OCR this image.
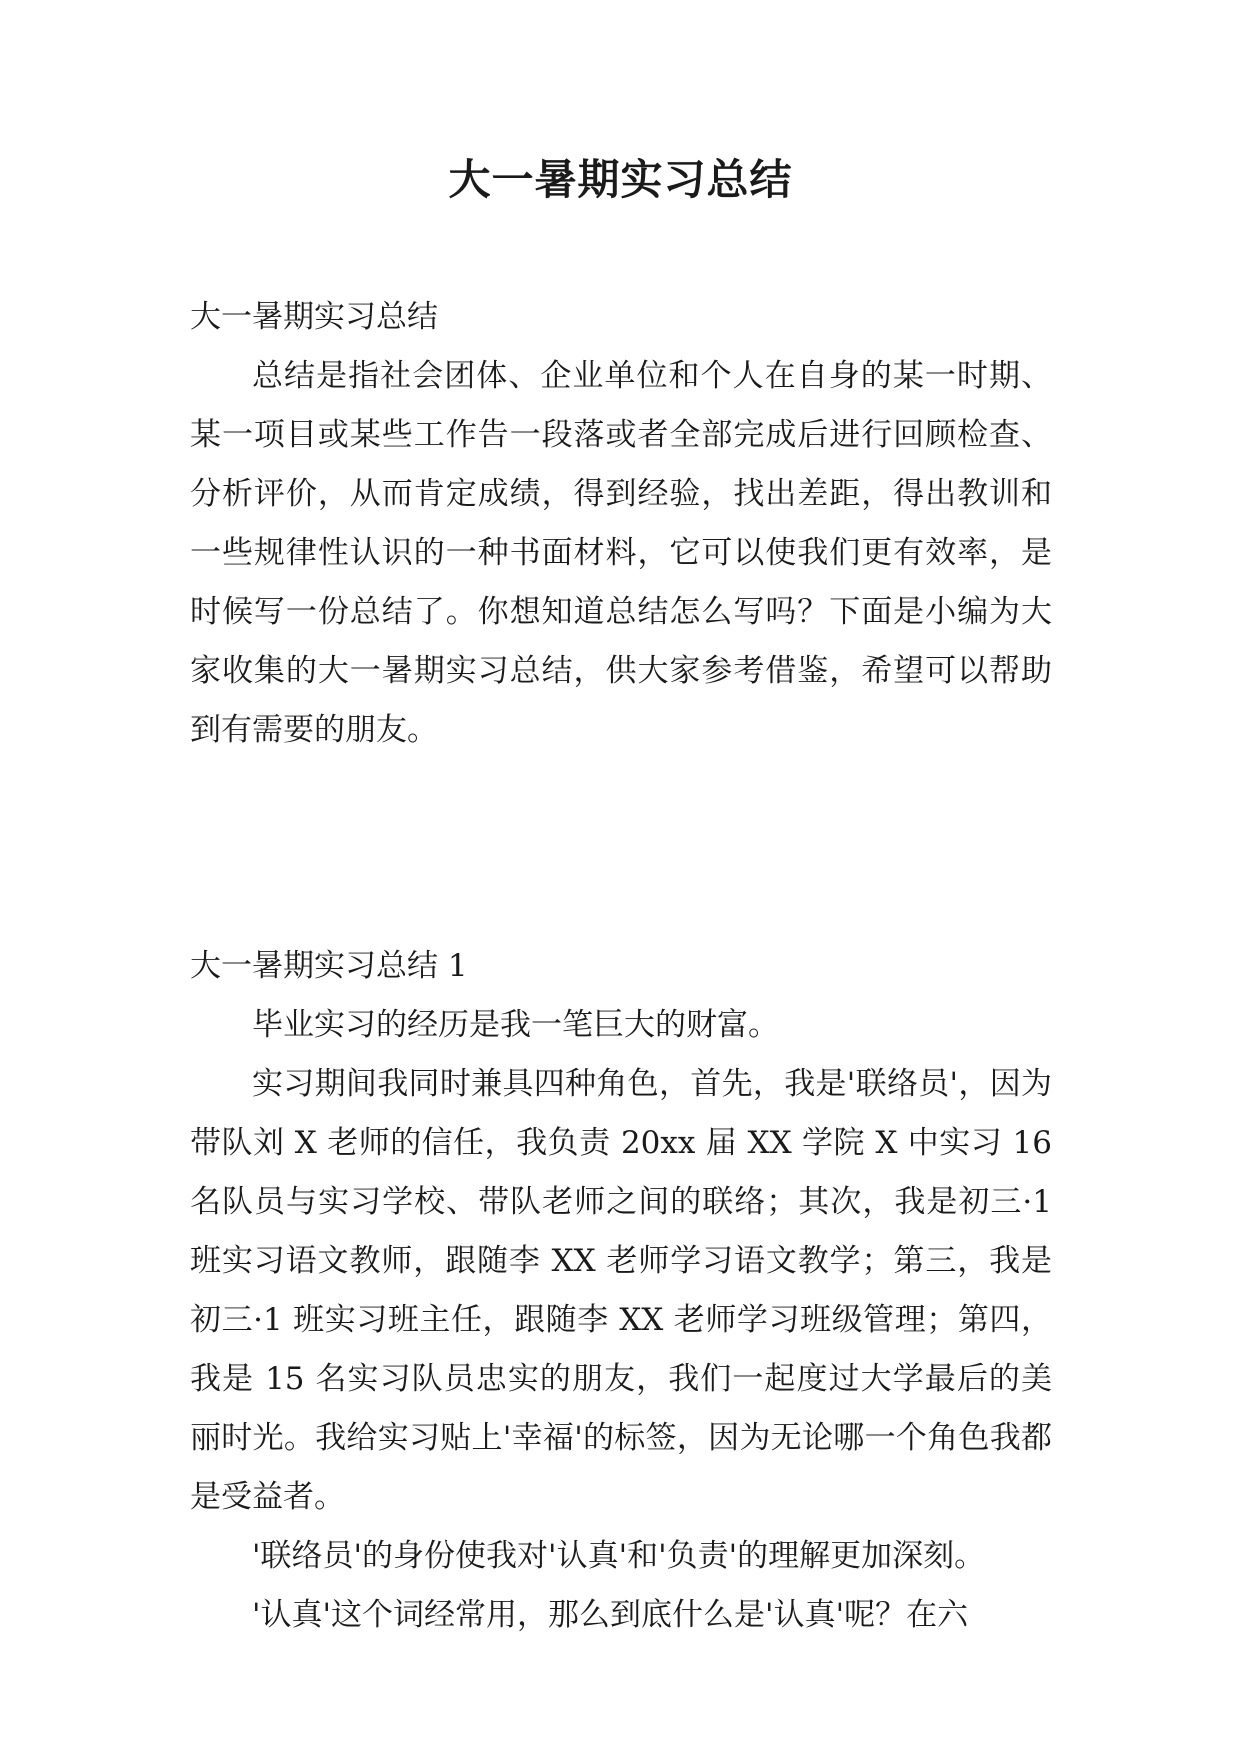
大一暑期实习总结

大一暑期实习总结

总结是指社会团体、企业单位和个人在自身的某一时期、某一项目或某些工作告一段落或者全部完成后进行回顾检查、分析评价，从而肯定成绩，得到经验，找出差距，得出教训和一些规律性认识的一种书面材料，它可以使我们更有效率，是时候写一份总结了。你想知道总结怎么写吗？下面是小编为大家收集的大一暑期实习总结，供大家参考借鉴，希望可以帮助到有需要的朋友。

大一暑期实习总结 1

毕业实习的经历是我一笔巨大的财富。

实习期间我同时兼具四种角色，首先，我是'联络员'，因为带队刘 X 老师的信任，我负责 20xx 届 XX 学院 X 中实习 16 名队员与实习学校、带队老师之间的联络；其次，我是初三·1 班实习语文教师，跟随李 XX 老师学习语文教学；第三，我是初三·1 班实习班主任，跟随李 XX 老师学习班级管理；第四，我是 15 名实习队员忠实的朋友，我们一起度过大学最后的美丽时光。我给实习贴上'幸福'的标签，因为无论哪一个角色我都是受益者。

'联络员'的身份使我对'认真'和'负责'的理解更加深刻。

'认真'这个词经常用，那么到底什么是'认真'呢？在六
